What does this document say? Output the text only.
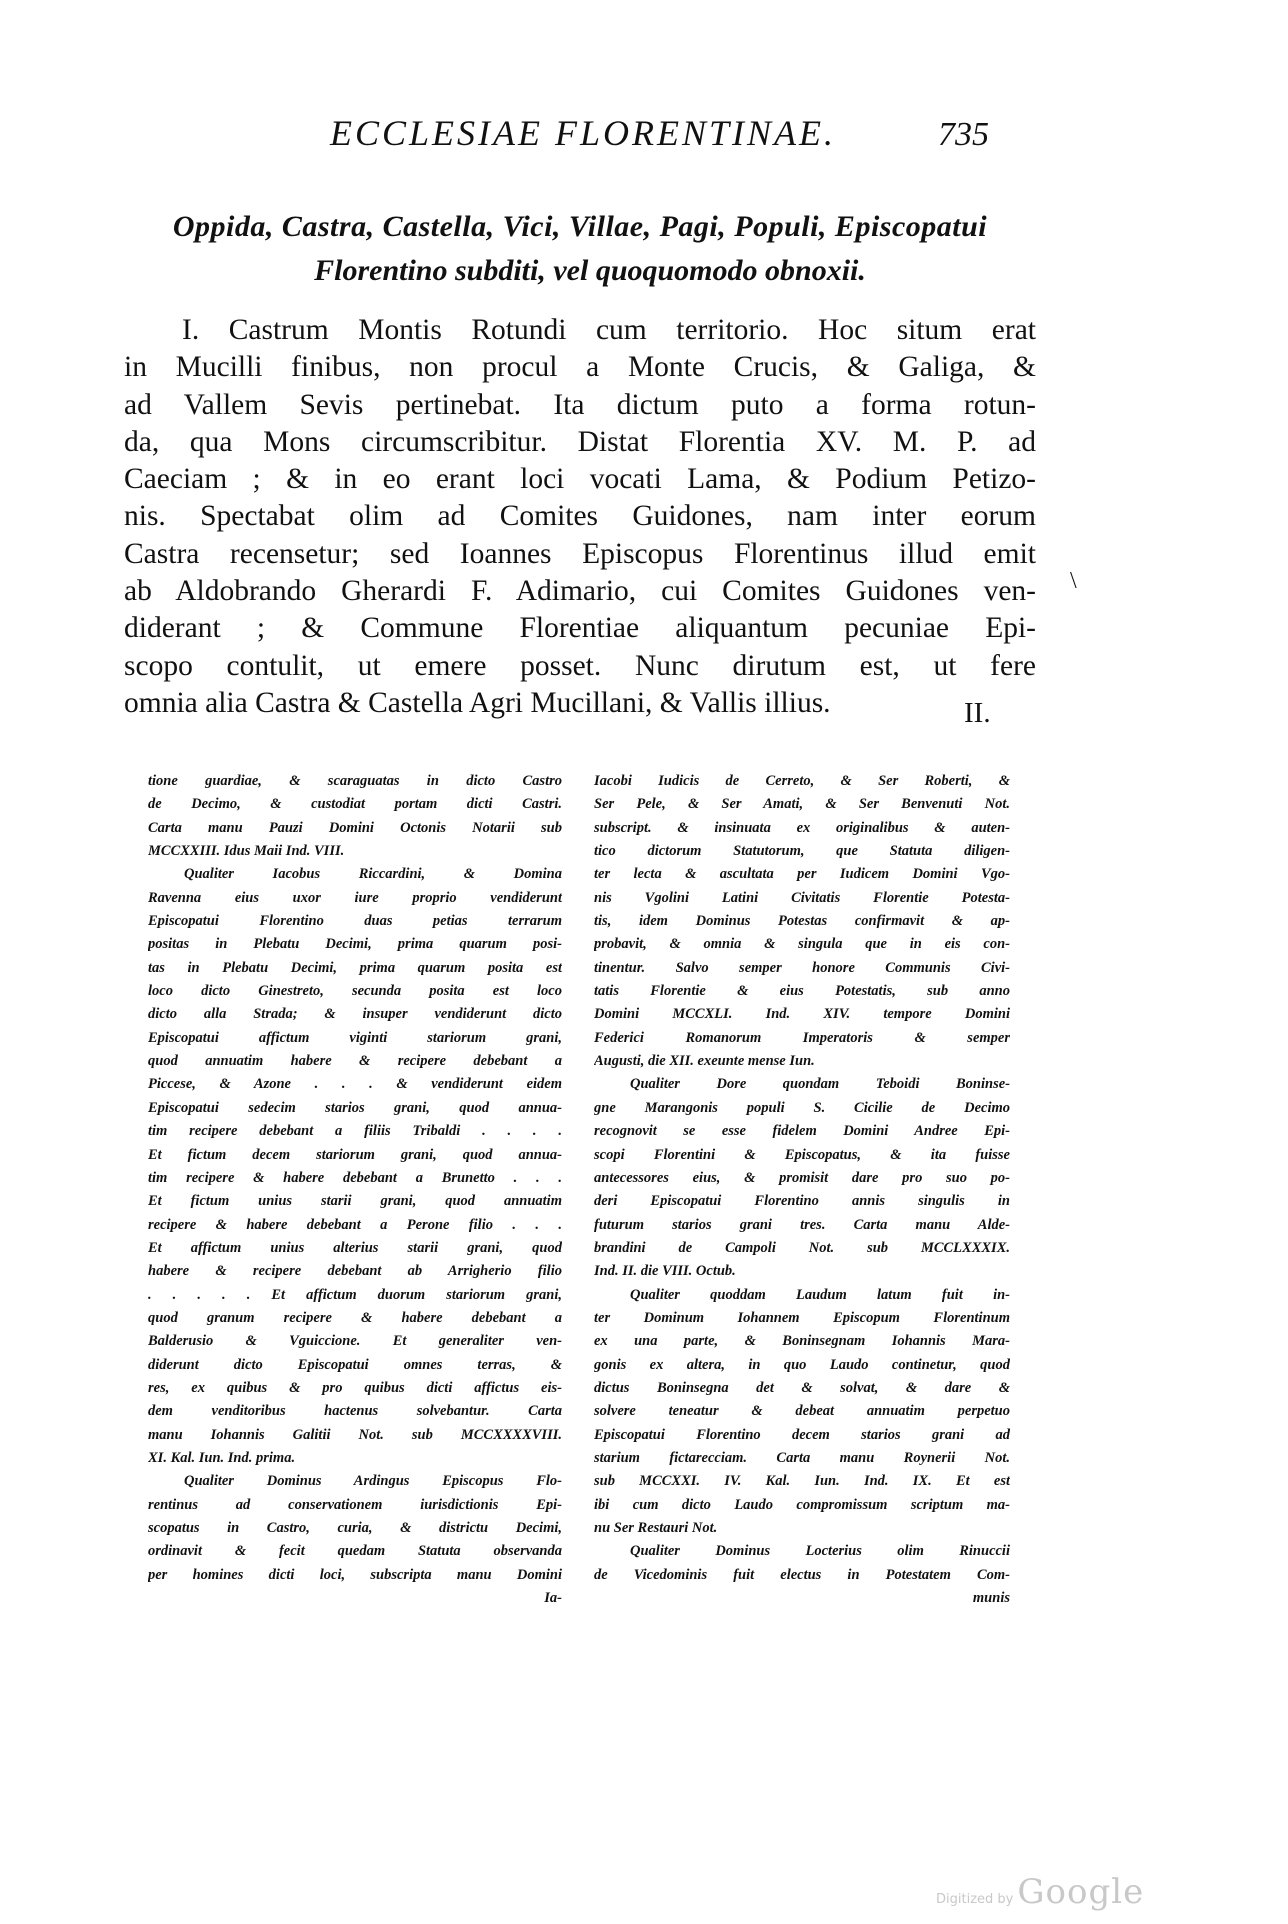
ECCLESIAE FLORENTINAE.	735
Oppida, Castra, Castella, Vici, Villae, Pagi, Populi, Episcopatui
Florentino subditi, vel quoquomodo obnoxii.
I. Castrum Montis Rotundi cum territorio. Hoc situm erat
in Mucilli finibus, non procul a Monte Crucis, & Galiga, &
ad Vallem Sevis pertinebat. Ita dictum puto a forma rotun-
da, qua Mons circumscribitur. Distat Florentia XV. M. P. ad
Caeciam ; & in eo erant loci vocati Lama, & Podium Petizo-
nis. Spectabat olim ad Comites Guidones, nam inter eorum
Castra recensetur; sed Ioannes Episcopus Florentinus illud emit
ab Aldobrando Gherardi F. Adimario, cui Comites Guidones ven-
diderant ; & Commune Florentiae aliquantum pecuniae Epi-
scopo contulit, ut emere posset. Nunc dirutum est, ut fere
omnia alia Castra & Castella Agri Mucillani, & Vallis illius.	II.
\
tione guardiae, & scaraguatas in dicto Castro
de Decimo, & custodiat portam dicti Castri.
Carta manu Pauzi Domini Octonis Notarii sub
MCCXXIII. Idus Maii Ind. VIII.
Qualiter Iacobus Riccardini, & Domina
Ravenna eius uxor iure proprio vendiderunt
Episcopatui Florentino duas petias terrarum
positas in Plebatu Decimi, prima quarum posi-
tas in Plebatu Decimi, prima quarum posita est
loco dicto Ginestreto, secunda posita est loco
dicto alla Strada; & insuper vendiderunt dicto
Episcopatui affictum viginti stariorum grani,
quod annuatim habere & recipere debebant a
Piccese, & Azone . . . & vendiderunt eidem
Episcopatui sedecim starios grani, quod annua-
tim recipere debebant a filiis Tribaldi . . . .
Et fictum decem stariorum grani, quod annua-
tim recipere & habere debebant a Brunetto . . .
Et fictum unius starii grani, quod annuatim
recipere & habere debebant a Perone filio . . .
Et affictum unius alterius starii grani, quod
habere & recipere debebant ab Arrigherio filio
. . . . . Et affictum duorum stariorum grani,
quod granum recipere & habere debebant a
Balderusio & Vguiccione. Et generaliter ven-
diderunt dicto Episcopatui omnes terras, &
res, ex quibus & pro quibus dicti affictus eis-
dem venditoribus hactenus solvebantur. Carta
manu Iohannis Galitii Not. sub MCCXXXXVIII.
XI. Kal. Iun. Ind. prima.
Qualiter Dominus Ardingus Episcopus Flo-
rentinus ad conservationem iurisdictionis Epi-
scopatus in Castro, curia, & districtu Decimi,
ordinavit & fecit quedam Statuta observanda
per homines dicti loci, subscripta manu Domini
Ia-
Iacobi Iudicis de Cerreto, & Ser Roberti, &
Ser Pele, & Ser Amati, & Ser Benvenuti Not.
subscript. & insinuata ex originalibus & auten-
tico dictorum Statutorum, que Statuta diligen-
ter lecta & ascultata per Iudicem Domini Vgo-
nis Vgolini Latini Civitatis Florentie Potesta-
tis, idem Dominus Potestas confirmavit & ap-
probavit, & omnia & singula que in eis con-
tinentur. Salvo semper honore Communis Civi-
tatis Florentie & eius Potestatis, sub anno
Domini MCCXLI. Ind. XIV. tempore Domini
Federici Romanorum Imperatoris & semper
Augusti, die XII. exeunte mense Iun.
Qualiter Dore quondam Teboidi Boninse-
gne Marangonis populi S. Cicilie de Decimo
recognovit se esse fidelem Domini Andree Epi-
scopi Florentini & Episcopatus, & ita fuisse
antecessores eius, & promisit dare pro suo po-
deri Episcopatui Florentino annis singulis in
futurum starios grani tres. Carta manu Alde-
brandini de Campoli Not. sub MCCLXXXIX.
Ind. II. die VIII. Octub.
Qualiter quoddam Laudum latum fuit in-
ter Dominum Iohannem Episcopum Florentinum
ex una parte, & Boninsegnam Iohannis Mara-
gonis ex altera, in quo Laudo continetur, quod
dictus Boninsegna det & solvat, & dare &
solvere teneatur & debeat annuatim perpetuo
Episcopatui Florentino decem starios grani ad
starium fictarecciam. Carta manu Roynerii Not.
sub MCCXXI. IV. Kal. Iun. Ind. IX. Et est
ibi cum dicto Laudo compromissum scriptum ma-
nu Ser Restauri Not.
Qualiter Dominus Locterius olim Rinuccii
de Vicedominis fuit electus in Potestatem Com-
munis
Digitized by Google
